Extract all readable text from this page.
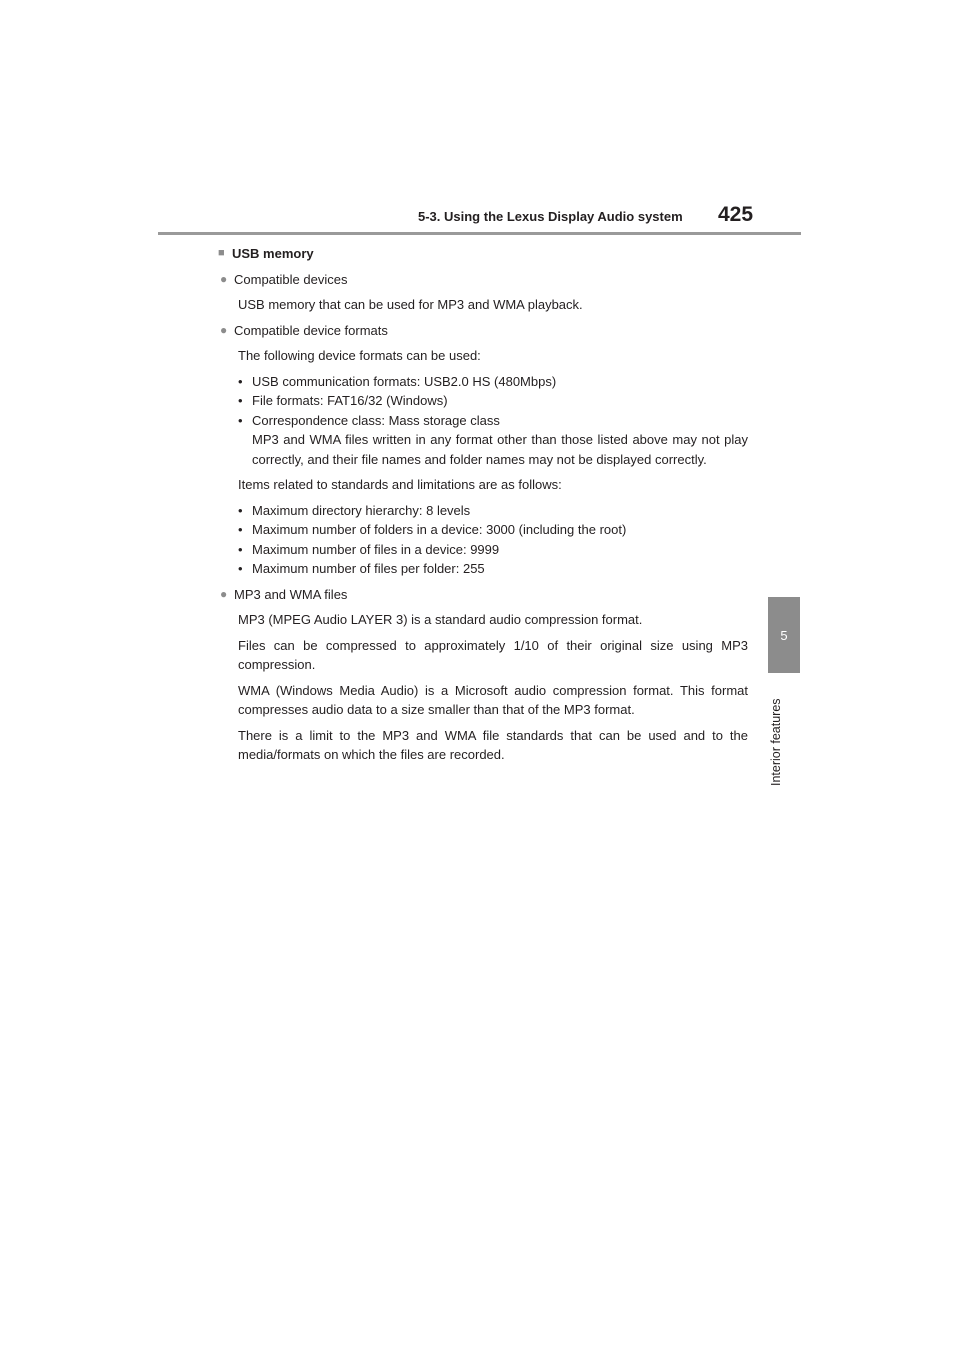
5-3. Using the Lexus Display Audio system 425
5
Interior features
■ USB memory
● Compatible devices
USB memory that can be used for MP3 and WMA playback.
● Compatible device formats
The following device formats can be used:
• USB communication formats: USB2.0 HS (480Mbps)
• File formats: FAT16/32 (Windows)
• Correspondence class: Mass storage class
MP3 and WMA files written in any format other than those listed above may not play correctly, and their file names and folder names may not be displayed correctly.
Items related to standards and limitations are as follows:
• Maximum directory hierarchy: 8 levels
• Maximum number of folders in a device: 3000 (including the root)
• Maximum number of files in a device: 9999
• Maximum number of files per folder: 255
● MP3 and WMA files
MP3 (MPEG Audio LAYER 3) is a standard audio compression format.
Files can be compressed to approximately 1/10 of their original size using MP3 compression.
WMA (Windows Media Audio) is a Microsoft audio compression format. This format compresses audio data to a size smaller than that of the MP3 format.
There is a limit to the MP3 and WMA file standards that can be used and to the media/formats on which the files are recorded.
